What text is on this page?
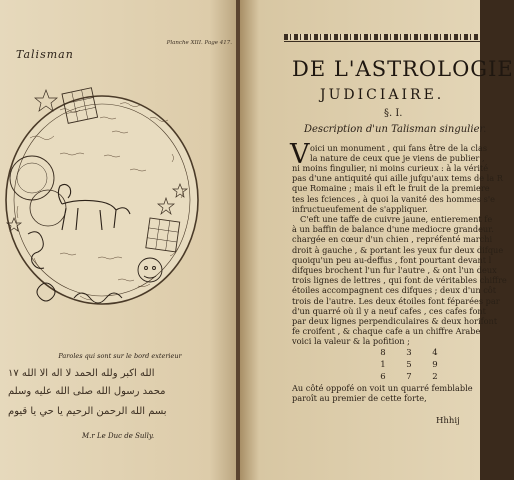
Planche XIII. Page 417.
Talisman
Paroles qui sont sur le bord exterieur
ﺍﻟﻠﻪ ﺍﻛﺒﺮ ﻭﻟﻠﻪ ﺍﻟﺤﻤﺪ ﻻ ﺍﻟﻪ ﺍﻻ ﺍﻟﻠﻪ ١٧
ﻣﺤﻤﺪ ﺭﺳﻮﻝ ﺍﻟﻠﻪ ﺻﻠﻰ ﺍﻟﻠﻪ ﻋﻠﻴﻪ ﻭﺳﻠﻢ
ﺑﺴﻢ ﺍﻟﻠﻪ ﺍﻟﺮﺣﻤﻦ ﺍﻟﺮﺣﻴﻢ ﻳﺎ ﺣﻲ ﻳﺎ ﻗﻴﻮﻡ
M.r Le Duc de Sully.
DE L'ASTROLOGIE
JUDICIAIRE.
§. I.
Description d'un Talisman singulier.
V oici un monument , qui fans être de la clas
la nature de ceux que je viens de publier ,
ni moins fingulier, ni moins curieux : à la vérité
pas d'une antiquité qui aille jufqu'aux tems de la R
que Romaine ; mais il eft le fruit de la premiere
tes les fciences , à quoi la vanité des hommes s'e
infructueufement de s'appliquer.
C'eft une taffe de cuivre jaune, entierement fe
à un baffin de balance d'une mediocre grandeur.
chargée en cœur d'un chien , repréfenté marchi
droit à gauche , & portant les yeux fur deux difque
quoiqu'un peu au-deffus , font pourtant devant l
difques brochent l'un fur l'autre , & ont l'un deux
trois lignes de lettres , qui font de véritables chiffre
étoiles accompagnent ces difques ; deux d'un côt
trois de l'autre. Les deux étoiles font féparées par
d'un quarré où il y a neuf cafes , ces cafes font
par deux lignes perpendiculaires & deux horifont
fe croifent , & chaque cafe a un chiffre Arabe
voici la valeur & la pofition ;
8	3	4
1	5	9
6	7	2
Au côté oppofé on voit un quarré femblable
paroît au premier de cette forte,
Hhhij
